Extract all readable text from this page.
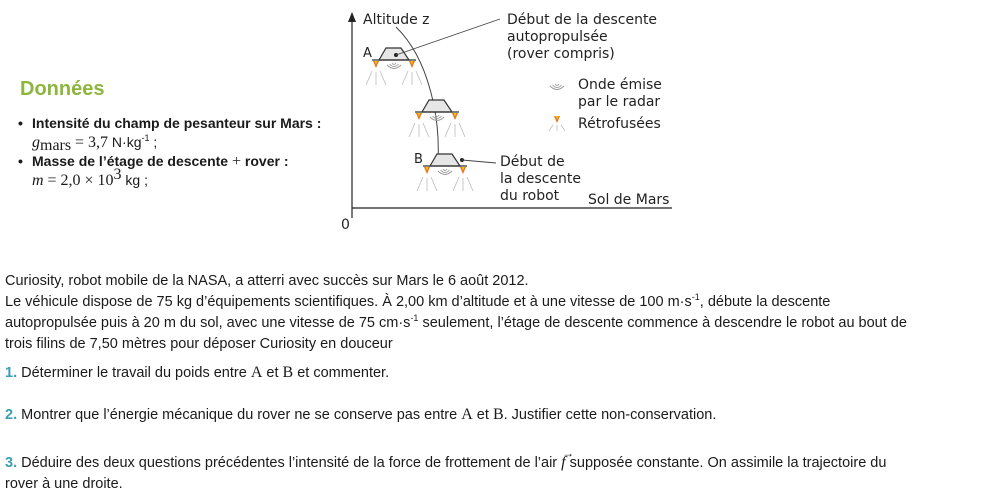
Données
• Intensité du champ de pesanteur sur Mars :
$g_{mars} = 3,7$ $N\cdot kg^{-1}$ ;
• Masse de l’étage de descente + rover :
$m = 2,0 \times 10^3$ kg ;
Altitude z
0
Sol de Mars
A
B
Début de la descente
autopropulsée
(rover compris)
Début de
la descente
du robot
Onde émise
par le radar
Rétrofusées
Curiosity, robot mobile de la NASA, a atterri avec succès sur Mars le 6 août 2012.
Le véhicule dispose de 75 kg d’équipements scientifiques. À 2,00 km d’altitude et à une vitesse de 100 $m\cdot s^{-1}$, débute la descente
autopropulsée puis à 20 m du sol, avec une vitesse de 75 $cm\cdot s^{-1}$ seulement, l’étage de descente commence à descendre le robot au bout de
trois filins de 7,50 mètres pour déposer Curiosity en douceur
1. Déterminer le travail du poids entre A et B et commenter.
2. Montrer que l’énergie mécanique du rover ne se conserve pas entre A et B. Justifier cette non-conservation.
3. Déduire des deux questions précédentes l’intensité de la force de frottement de l’air
→
f supposée constante. On assimile la trajectoire du
rover à une droite.
